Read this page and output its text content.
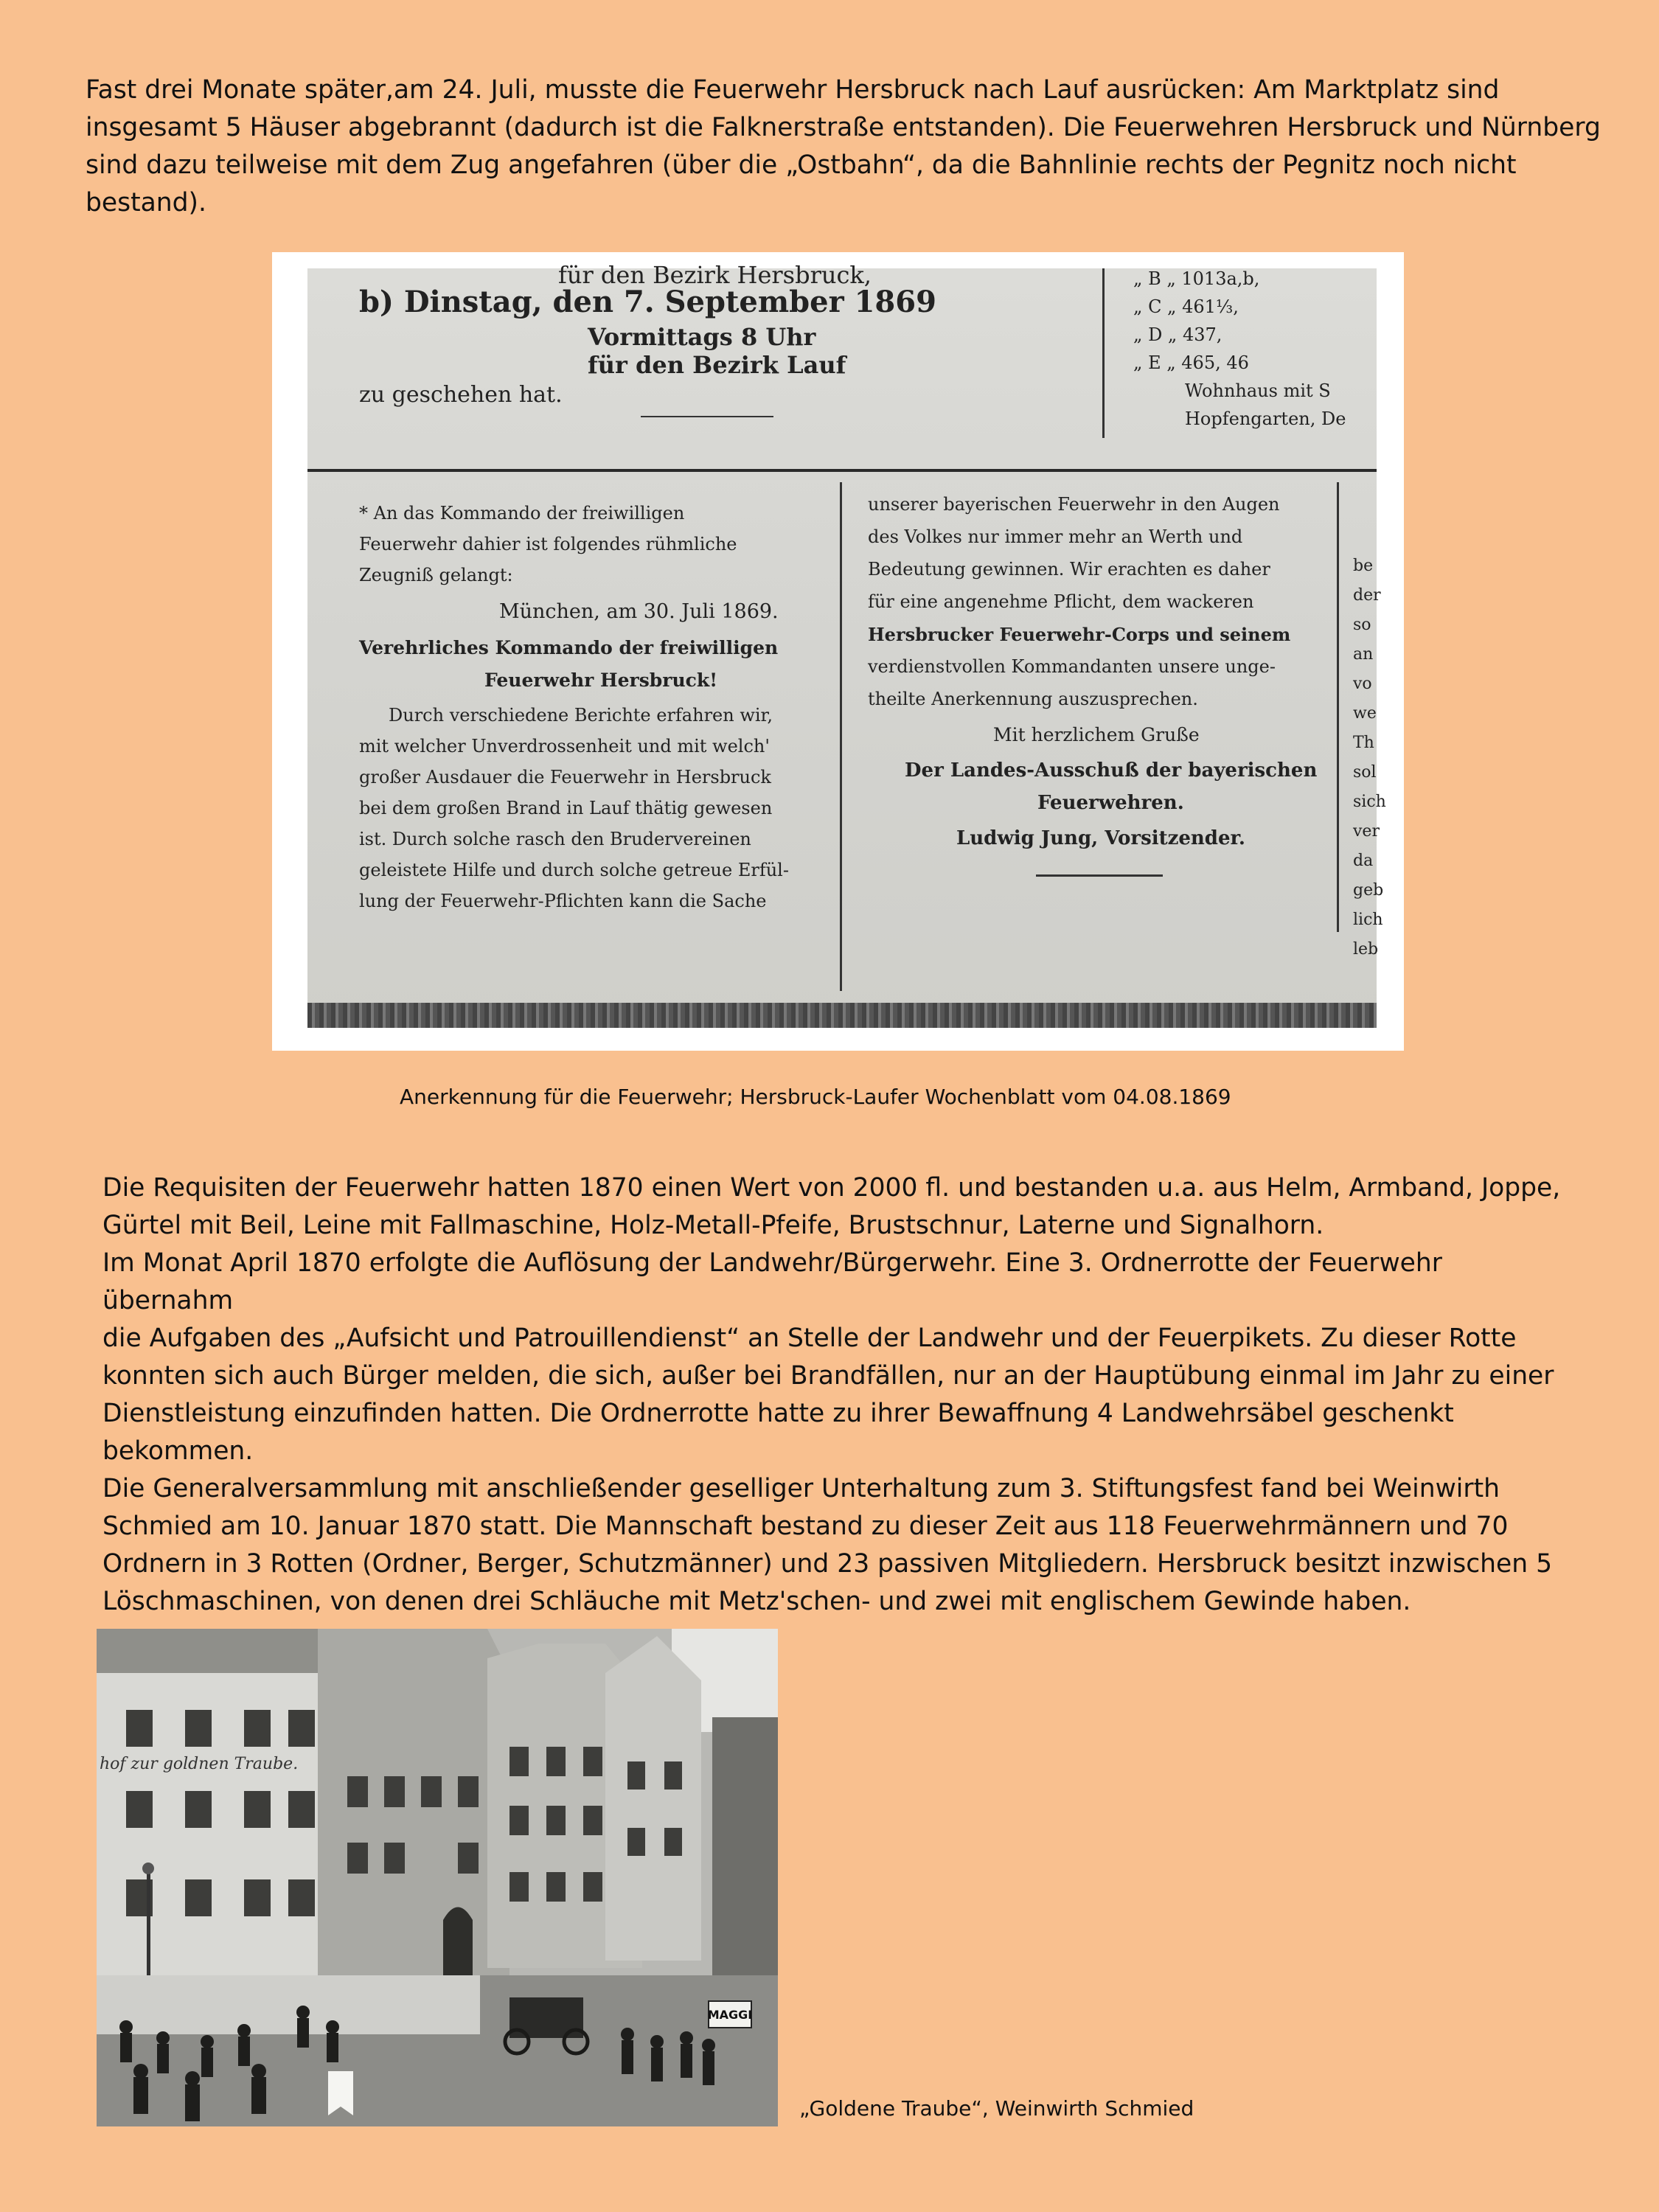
Fast drei Monate später,am 24. Juli, musste die Feuerwehr Hersbruck nach Lauf ausrücken: Am Marktplatz sind

insgesamt 5 Häuser abgebrannt (dadurch ist die Falknerstraße entstanden). Die Feuerwehren Hersbruck und Nürnberg

sind dazu teilweise mit dem Zug angefahren (über die „Ostbahn“, da die Bahnlinie rechts der Pegnitz noch nicht

bestand).

für den Bezirk Hersbruck,
b) Dinstag, den 7. September 1869
Vormittags 8 Uhr
für den Bezirk Lauf
zu geschehen hat.
„ B „ 1013a,b,
„ C „ 461⅓,
„ D „ 437,
„ E „ 465, 46
Wohnhaus mit S
Hopfengarten, De
* An das Kommando der freiwilligen
Feuerwehr dahier ist folgendes rühmliche
Zeugniß gelangt:
München, am 30. Juli 1869.
Verehrliches Kommando der freiwilligen
Feuerwehr Hersbruck!
Durch verschiedene Berichte erfahren wir,
mit welcher Unverdrossenheit und mit welch'
großer Ausdauer die Feuerwehr in Hersbruck
bei dem großen Brand in Lauf thätig gewesen
ist. Durch solche rasch den Brudervereinen
geleistete Hilfe und durch solche getreue Erfül-
lung der Feuerwehr-Pflichten kann die Sache
unserer bayerischen Feuerwehr in den Augen
des Volkes nur immer mehr an Werth und
Bedeutung gewinnen. Wir erachten es daher
für eine angenehme Pflicht, dem wackeren
Hersbrucker Feuerwehr-Corps und seinem
verdienstvollen Kommandanten unsere unge-
theilte Anerkennung auszusprechen.
Mit herzlichem Gruße
Der Landes-Ausschuß der bayerischen
Feuerwehren.
Ludwig Jung, Vorsitzender.
be
der
so
an
vo
we
Th
sol
sich
ver
da
geb
lich
leb
Anerkennung für die Feuerwehr; Hersbruck-Laufer Wochenblatt vom 04.08.1869

Die Requisiten der Feuerwehr hatten 1870 einen Wert von 2000 fl. und bestanden u.a. aus Helm, Armband, Joppe,

Gürtel mit Beil, Leine mit Fallmaschine, Holz-Metall-Pfeife, Brustschnur, Laterne und Signalhorn.

Im Monat April 1870 erfolgte die Auflösung der Landwehr/Bürgerwehr. Eine 3. Ordnerrotte der Feuerwehr übernahm

die Aufgaben des „Aufsicht und Patrouillendienst“ an Stelle der Landwehr und der Feuerpikets. Zu dieser Rotte

konnten sich auch Bürger melden, die sich, außer bei Brandfällen, nur an der Hauptübung einmal im Jahr zu einer

Dienstleistung einzufinden hatten. Die Ordnerrotte hatte zu ihrer Bewaffnung 4 Landwehrsäbel geschenkt

bekommen.

Die Generalversammlung mit anschließender geselliger Unterhaltung zum 3. Stiftungsfest fand bei Weinwirth

Schmied am 10. Januar 1870 statt. Die Mannschaft bestand zu dieser Zeit aus 118 Feuerwehrmännern und 70

Ordnern in 3 Rotten (Ordner, Berger, Schutzmänner) und 23 passiven Mitgliedern. Hersbruck besitzt inzwischen 5

Löschmaschinen, von denen drei Schläuche mit Metz'schen- und zwei mit englischem Gewinde haben.

MAGGI
hof zur goldnen Traube.
„Goldene Traube“, Weinwirth Schmied
